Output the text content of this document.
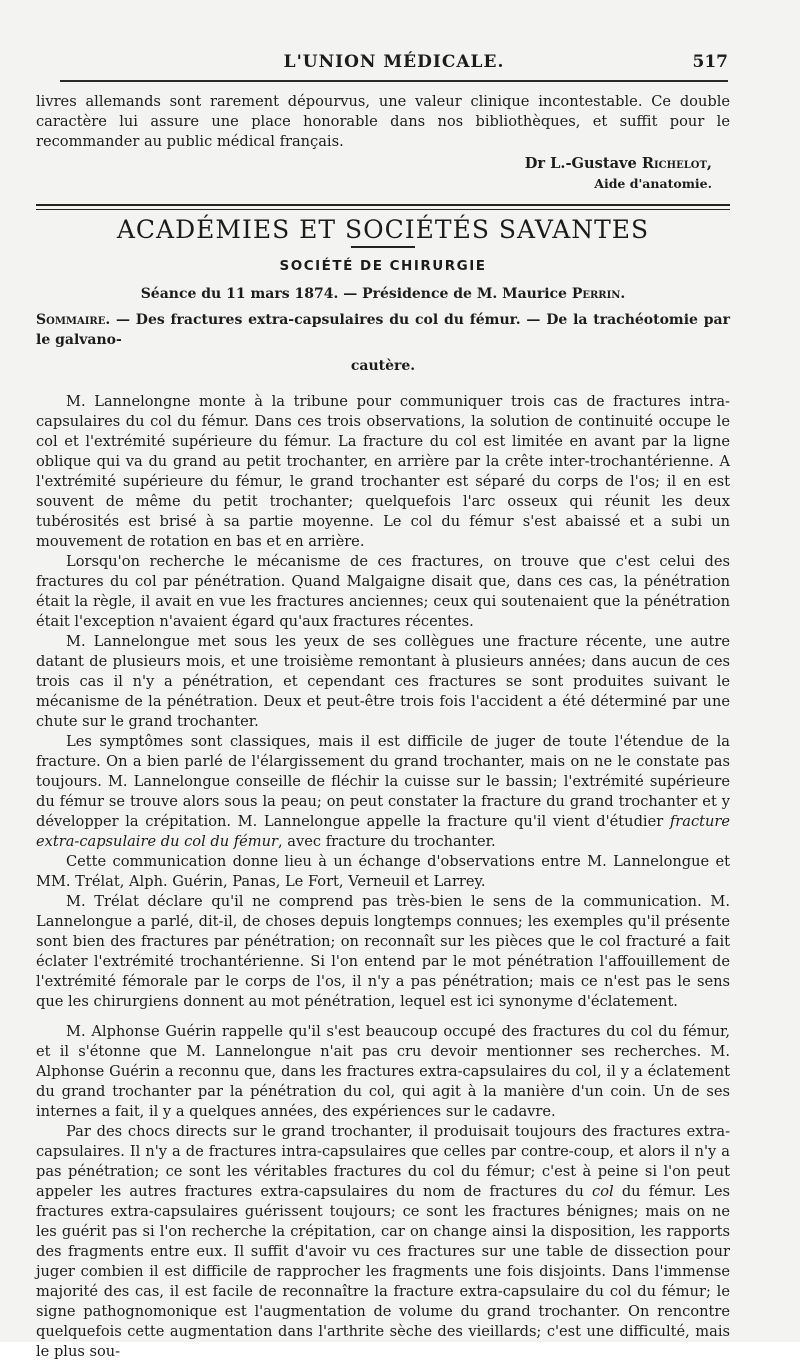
L'UNION MÉDICALE.	517

livres allemands sont rarement dépourvus, une valeur clinique incontestable. Ce double caractère lui assure une place honorable dans nos bibliothèques, et suffit pour le recommander au public médical français.

Dr L.-Gustave Richelot,
Aide d'anatomie.
ACADÉMIES ET SOCIÉTÉS SAVANTES
SOCIÉTÉ DE CHIRURGIE
Séance du 11 mars 1874. — Présidence de M. Maurice Perrin.
Sommaire. — Des fractures extra-capsulaires du col du fémur. — De la trachéotomie par le galvano-
cautère.

M. Lannelongne monte à la tribune pour communiquer trois cas de fractures intra-capsulaires du col du fémur. Dans ces trois observations, la solution de continuité occupe le col et l'extrémité supérieure du fémur. La fracture du col est limitée en avant par la ligne oblique qui va du grand au petit trochanter, en arrière par la crête inter-trochantérienne. A l'extrémité supérieure du fémur, le grand trochanter est séparé du corps de l'os; il en est souvent de même du petit trochanter; quelquefois l'arc osseux qui réunit les deux tubérosités est brisé à sa partie moyenne. Le col du fémur s'est abaissé et a subi un mouvement de rotation en bas et en arrière.

Lorsqu'on recherche le mécanisme de ces fractures, on trouve que c'est celui des fractures du col par pénétration. Quand Malgaigne disait que, dans ces cas, la pénétration était la règle, il avait en vue les fractures anciennes; ceux qui soutenaient que la pénétration était l'exception n'avaient égard qu'aux fractures récentes.

M. Lannelongue met sous les yeux de ses collègues une fracture récente, une autre datant de plusieurs mois, et une troisième remontant à plusieurs années; dans aucun de ces trois cas il n'y a pénétration, et cependant ces fractures se sont produites suivant le mécanisme de la pénétration. Deux et peut-être trois fois l'accident a été déterminé par une chute sur le grand trochanter.

Les symptômes sont classiques, mais il est difficile de juger de toute l'étendue de la fracture. On a bien parlé de l'élargissement du grand trochanter, mais on ne le constate pas toujours. M. Lannelongue conseille de fléchir la cuisse sur le bassin; l'extrémité supérieure du fémur se trouve alors sous la peau; on peut constater la fracture du grand trochanter et y développer la crépitation. M. Lannelongue appelle la fracture qu'il vient d'étudier fracture extra-capsulaire du col du fémur, avec fracture du trochanter.

Cette communication donne lieu à un échange d'observations entre M. Lannelongue et MM. Trélat, Alph. Guérin, Panas, Le Fort, Verneuil et Larrey.

M. Trélat déclare qu'il ne comprend pas très-bien le sens de la communication. M. Lannelongue a parlé, dit-il, de choses depuis longtemps connues; les exemples qu'il présente sont bien des fractures par pénétration; on reconnaît sur les pièces que le col fracturé a fait éclater l'extrémité trochantérienne. Si l'on entend par le mot pénétration l'affouillement de l'extrémité fémorale par le corps de l'os, il n'y a pas pénétration; mais ce n'est pas le sens que les chirurgiens donnent au mot pénétration, lequel est ici synonyme d'éclatement.

M. Alphonse Guérin rappelle qu'il s'est beaucoup occupé des fractures du col du fémur, et il s'étonne que M. Lannelongue n'ait pas cru devoir mentionner ses recherches. M. Alphonse Guérin a reconnu que, dans les fractures extra-capsulaires du col, il y a éclatement du grand trochanter par la pénétration du col, qui agit à la manière d'un coin. Un de ses internes a fait, il y a quelques années, des expériences sur le cadavre.

Par des chocs directs sur le grand trochanter, il produisait toujours des fractures extra-capsulaires. Il n'y a de fractures intra-capsulaires que celles par contre-coup, et alors il n'y a pas pénétration; ce sont les véritables fractures du col du fémur; c'est à peine si l'on peut appeler les autres fractures extra-capsulaires du nom de fractures du col du fémur. Les fractures extra-capsulaires guérissent toujours; ce sont les fractures bénignes; mais on ne les guérit pas si l'on recherche la crépitation, car on change ainsi la disposition, les rapports des fragments entre eux. Il suffit d'avoir vu ces fractures sur une table de dissection pour juger combien il est difficile de rapprocher les fragments une fois disjoints. Dans l'immense majorité des cas, il est facile de reconnaître la fracture extra-capsulaire du col du fémur; le signe pathognomonique est l'augmentation de volume du grand trochanter. On rencontre quelquefois cette augmentation dans l'arthrite sèche des vieillards; c'est une difficulté, mais le plus sou-
